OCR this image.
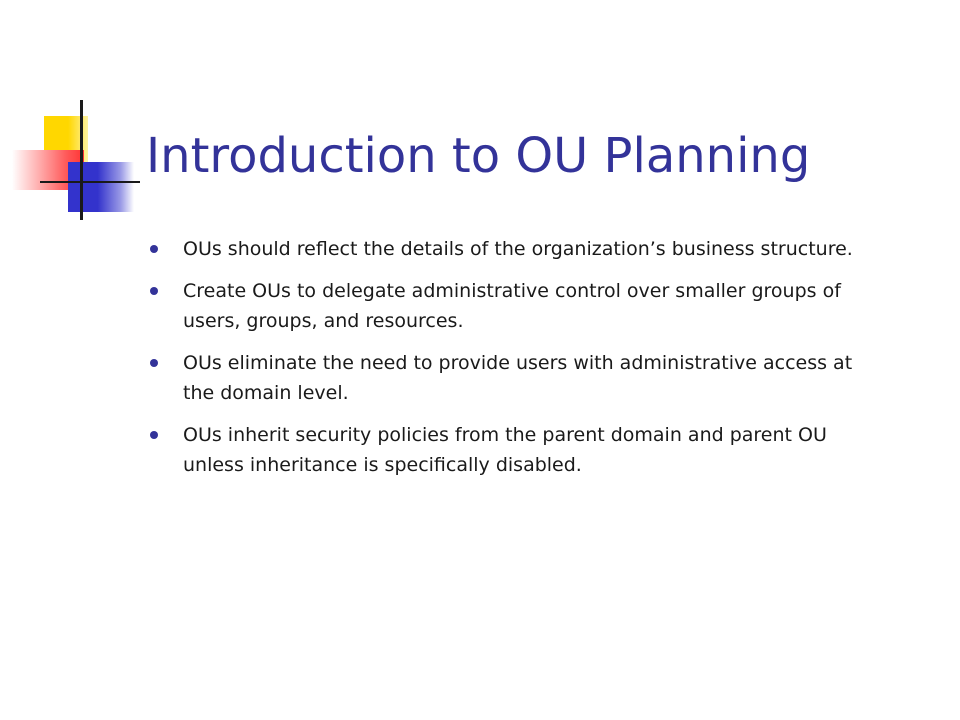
Introduction to OU Planning
OUs should reflect the details of the organization’s business structure.
Create OUs to delegate administrative control over smaller groups of users, groups, and resources.
OUs eliminate the need to provide users with administrative access at the domain level.
OUs inherit security policies from the parent domain and parent OU unless inheritance is specifically disabled.
